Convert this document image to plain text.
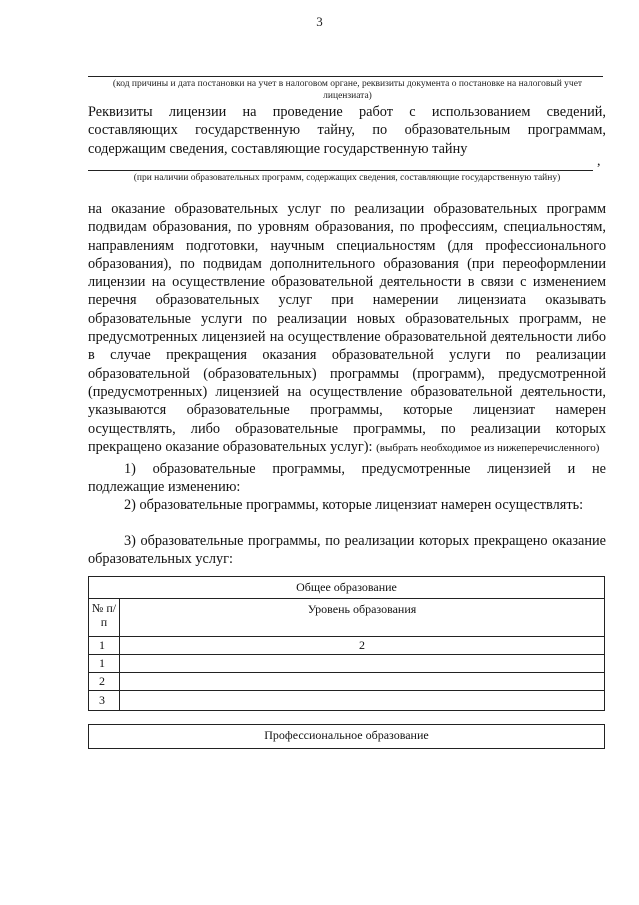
3
(код причины и дата постановки на учет в налоговом органе, реквизиты документа о постановке на налоговый учет лицензиата)
Реквизиты лицензии на проведение работ с использованием сведений, составляющих государственную тайну, по образовательным программам, содержащим сведения, составляющие государственную тайну
,
(при наличии образовательных программ, содержащих сведения, составляющие государственную тайну)
на оказание образовательных услуг по реализации образовательных программ подвидам образования, по уровням образования, по профессиям, специальностям, направлениям подготовки, научным специальностям (для профессионального образования), по подвидам дополнительного образования (при переоформлении лицензии на осуществление образовательной деятельности в связи с изменением перечня образовательных услуг при намерении лицензиата оказывать образовательные услуги по реализации новых образовательных программ, не предусмотренных лицензией на осуществление образовательной деятельности либо в случае прекращения оказания образовательной услуги по реализации образовательной (образовательных) программы (программ), предусмотренной (предусмотренных) лицензией на осуществление образовательной деятельности, указываются образовательные программы, которые лицензиат намерен осуществлять, либо образовательные программы, по реализации которых прекращено оказание образовательных услуг): (выбрать необходимое из нижеперечисленного)
1) образовательные программы, предусмотренные лицензией и не подлежащие изменению:
2) образовательные программы, которые лицензиат намерен осуществлять:
3) образовательные программы, по реализации которых прекращено оказание образовательных услуг:
Общее образование	
№ п/п	Уровень образования
1	2
1	
2	
3	
Профессиональное образование
